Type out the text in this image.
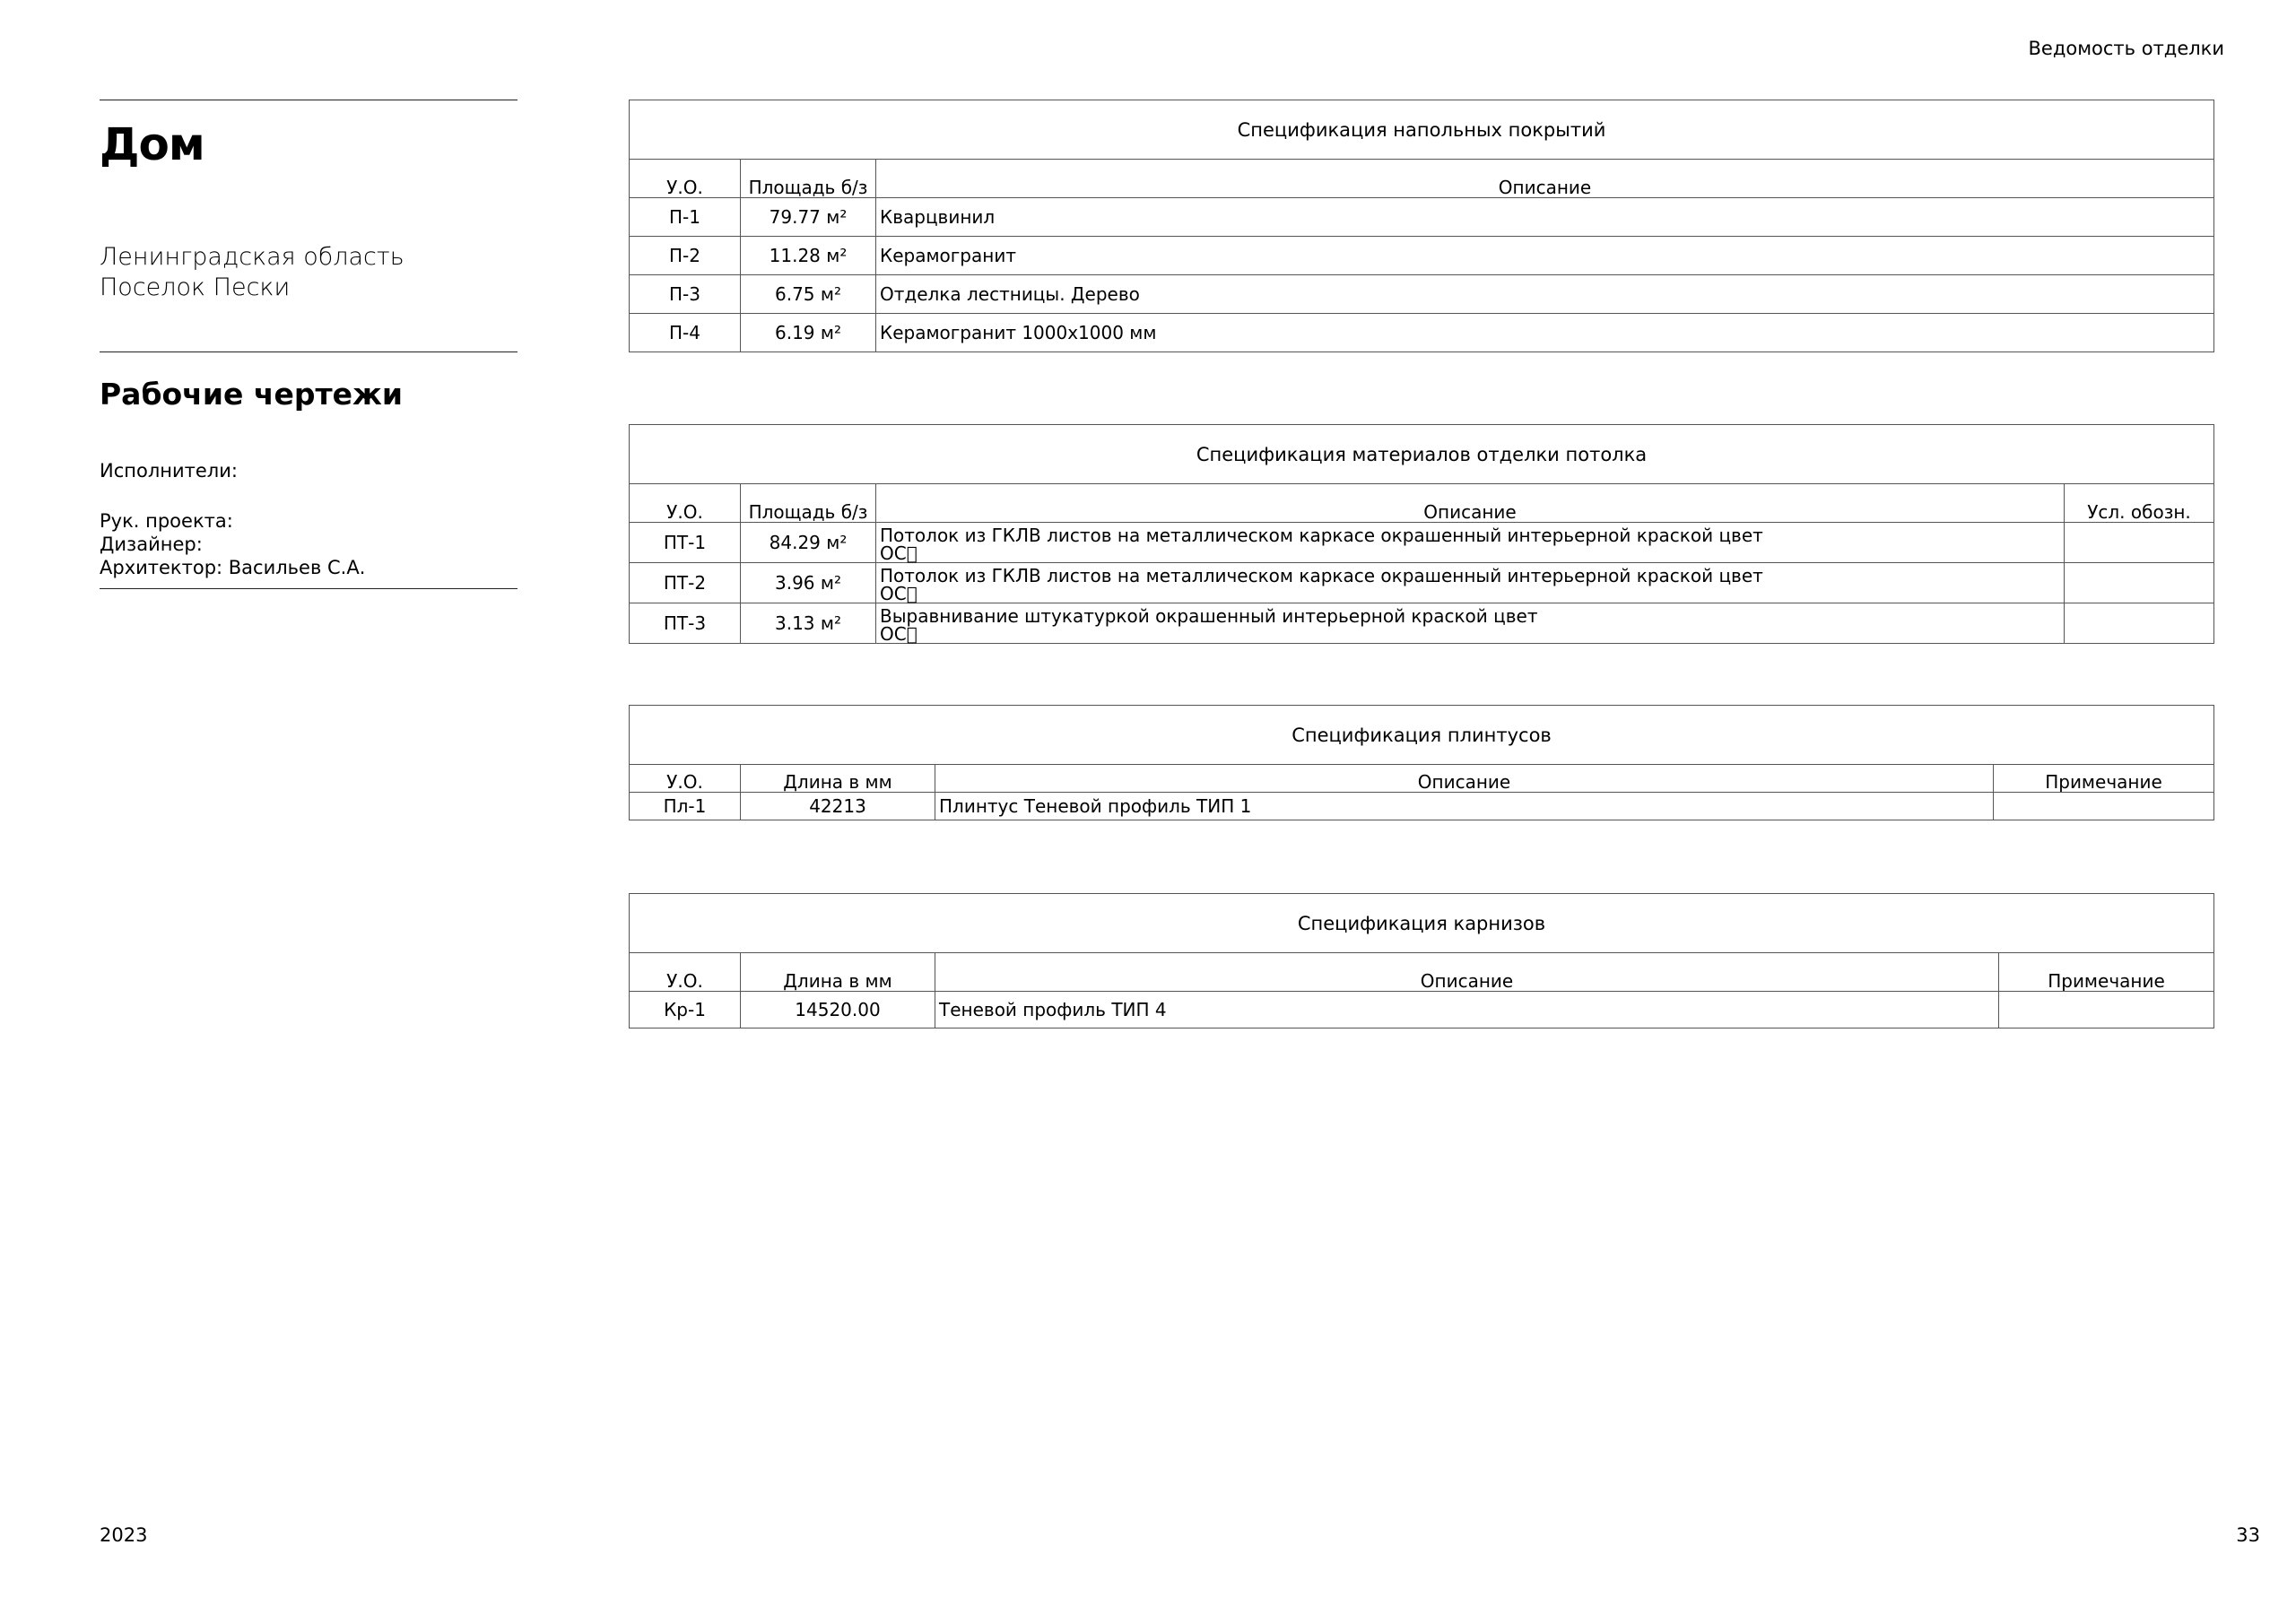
Ведомость отделки
Дом
Ленинградская область
Поселок Пески
Рабочие чертежи
Исполнители:
Рук. проекта:
Дизайнер:
Архитектор: Васильев С.А.
Спецификация напольных покрытий		
У.О.	Площадь б/з	Описание
П-1	79.77 м²	Кварцвинил
П-2	11.28 м²	Керамогранит
П-3	6.75 м²	Отделка лестницы. Дерево
П-4	6.19 м²	Керамогранит 1000х1000 мм
Спецификация материалов отделки потолка			
У.О.	Площадь б/з	Описание	Усл. обозн.
ПТ-1	84.29 м²	Потолок из ГКЛВ листов на металлическом каркасе окрашенный интерьерной краской цвет
ОС􀀀	

ПТ-2	3.96 м²	Потолок из ГКЛВ листов на металлическом каркасе окрашенный интерьерной краской цвет
ОС􀀀	

ПТ-3	3.13 м²	Выравнивание штукатуркой окрашенный интерьерной краской цвет
ОС􀀀	

Спецификация плинтусов			
У.О.	Длина в мм	Описание	Примечание
Пл-1	42213	Плинтус Теневой профиль ТИП 1	
Спецификация карнизов			
У.О.	Длина в мм	Описание	Примечание
Кр-1	14520.00	Теневой профиль ТИП 4	
2023	33
